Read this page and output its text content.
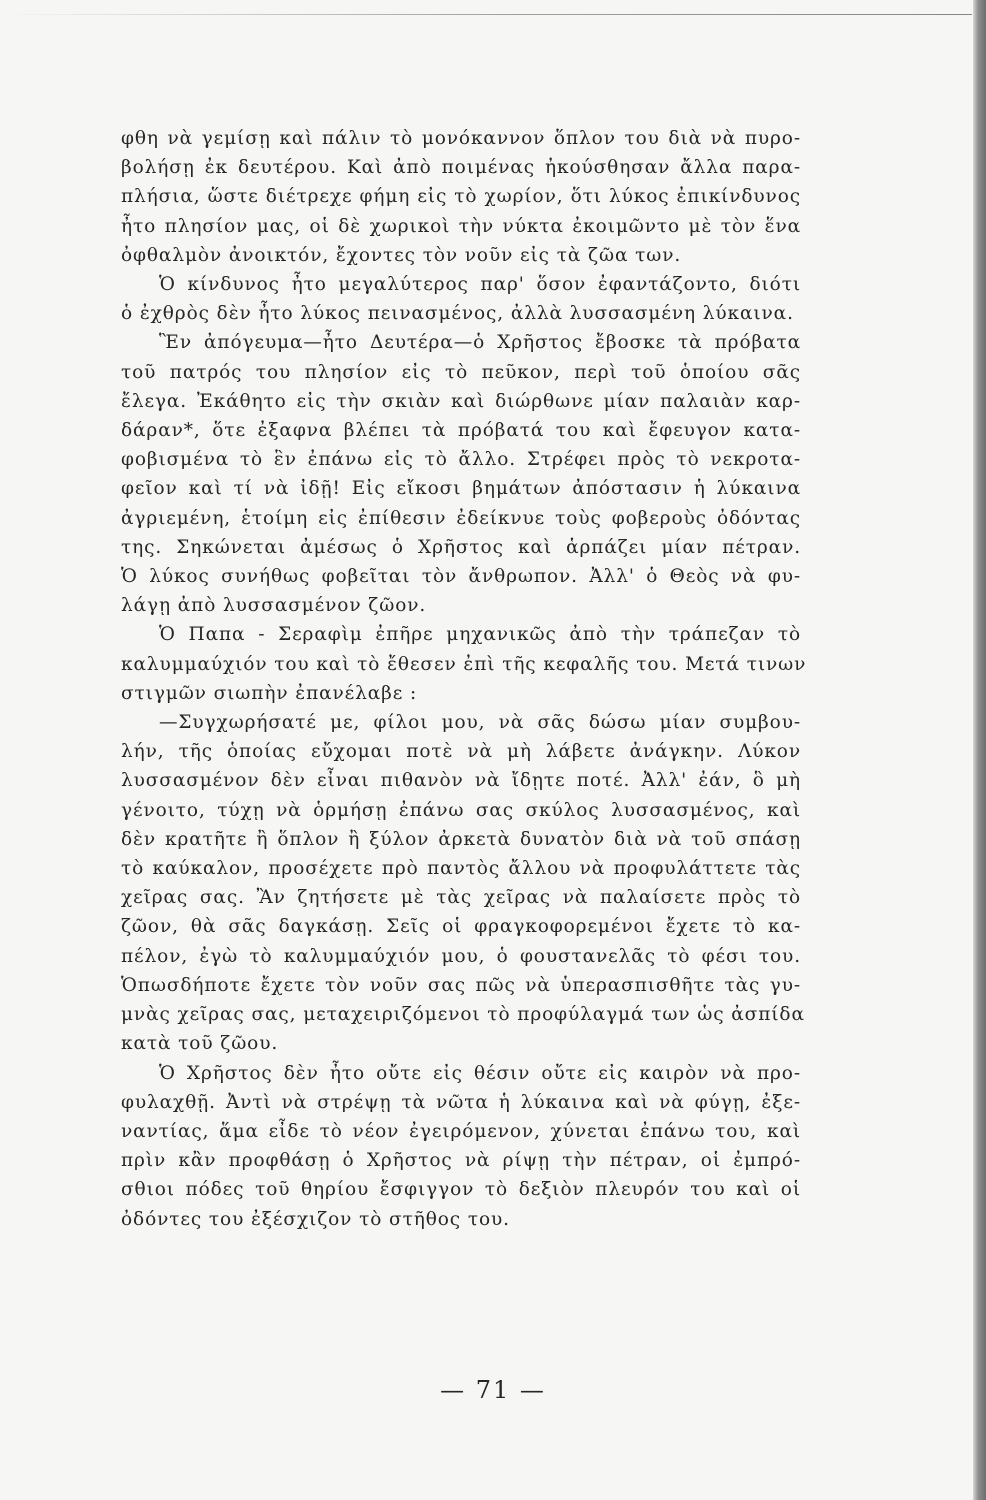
φθη νὰ γεμίσῃ καὶ πάλιν τὸ μονόκαννον ὅπλον του διὰ νὰ πυρο-
βολήσῃ ἐκ δευτέρου. Καὶ ἀπὸ ποιμένας ἠκούσθησαν ἄλλα παρα-
πλήσια, ὥστε διέτρεχε φήμη εἰς τὸ χωρίον, ὅτι λύκος ἐπικίνδυνος
ἦτο πλησίον μας, οἱ δὲ χωρικοὶ τὴν νύκτα ἐκοιμῶντο μὲ τὸν ἕνα
ὀφθαλμὸν ἀνοικτόν, ἔχοντες τὸν νοῦν εἰς τὰ ζῶα των.
Ὁ κίνδυνος ἦτο μεγαλύτερος παρ' ὅσον ἐφαντάζοντο, διότι
ὁ ἐχθρὸς δὲν ἦτο λύκος πεινασμένος, ἀλλὰ λυσσασμένη λύκαινα.
Ἓν ἀπόγευμα—ἦτο Δευτέρα—ὁ Χρῆστος ἔβοσκε τὰ πρόβατα
τοῦ πατρός του πλησίον εἰς τὸ πεῦκον, περὶ τοῦ ὁποίου σᾶς
ἔλεγα. Ἐκάθητο εἰς τὴν σκιὰν καὶ διώρθωνε μίαν παλαιὰν καρ-
δάραν*, ὅτε ἐξαφνα βλέπει τὰ πρόβατά του καὶ ἔφευγον κατα-
φοβισμένα τὸ ἓν ἐπάνω εἰς τὸ ἄλλο. Στρέφει πρὸς τὸ νεκροτα-
φεῖον καὶ τί νὰ ἰδῇ! Εἰς εἴκοσι βημάτων ἀπόστασιν ἡ λύκαινα
ἀγριεμένη, ἑτοίμη εἰς ἐπίθεσιν ἐδείκνυε τοὺς φοβεροὺς ὀδόντας
της. Σηκώνεται ἀμέσως ὁ Χρῆστος καὶ ἁρπάζει μίαν πέτραν.
Ὁ λύκος συνήθως φοβεῖται τὸν ἄνθρωπον. Ἀλλ' ὁ Θεὸς νὰ φυ-
λάγῃ ἀπὸ λυσσασμένον ζῶον.
Ὁ Παπα - Σεραφὶμ ἐπῆρε μηχανικῶς ἀπὸ τὴν τράπεζαν τὸ
καλυμμαύχιόν του καὶ τὸ ἔθεσεν ἐπὶ τῆς κεφαλῆς του. Μετά τινων
στιγμῶν σιωπὴν ἐπανέλαβε :
—Συγχωρήσατέ με, φίλοι μου, νὰ σᾶς δώσω μίαν συμβου-
λήν, τῆς ὁποίας εὔχομαι ποτὲ νὰ μὴ λάβετε ἀνάγκην. Λύκον
λυσσασμένον δὲν εἶναι πιθανὸν νὰ ἴδῃτε ποτέ. Ἀλλ' ἐάν, ὃ μὴ
γένοιτο, τύχῃ νὰ ὁρμήσῃ ἐπάνω σας σκύλος λυσσασμένος, καὶ
δὲν κρατῆτε ἢ ὅπλον ἢ ξύλον ἀρκετὰ δυνατὸν διὰ νὰ τοῦ σπάσῃ
τὸ καύκαλον, προσέχετε πρὸ παντὸς ἄλλου νὰ προφυλάττετε τὰς
χεῖρας σας. Ἂν ζητήσετε μὲ τὰς χεῖρας νὰ παλαίσετε πρὸς τὸ
ζῶον, θὰ σᾶς δαγκάσῃ. Σεῖς οἱ φραγκοφορεμένοι ἔχετε τὸ κα-
πέλον, ἐγὼ τὸ καλυμμαύχιόν μου, ὁ φουστανελᾶς τὸ φέσι του.
Ὁπωσδήποτε ἔχετε τὸν νοῦν σας πῶς νὰ ὑπερασπισθῆτε τὰς γυ-
μνὰς χεῖρας σας, μεταχειριζόμενοι τὸ προφύλαγμά των ὡς ἀσπίδα
κατὰ τοῦ ζῶου.
Ὁ Χρῆστος δὲν ἦτο οὔτε εἰς θέσιν οὔτε εἰς καιρὸν νὰ προ-
φυλαχθῇ. Ἀντὶ νὰ στρέψῃ τὰ νῶτα ἡ λύκαινα καὶ νὰ φύγῃ, ἐξε-
ναντίας, ἅμα εἶδε τὸ νέον ἐγειρόμενον, χύνεται ἐπάνω του, καὶ
πρὶν κἂν προφθάσῃ ὁ Χρῆστος νὰ ρίψῃ τὴν πέτραν, οἱ ἐμπρό-
σθιοι πόδες τοῦ θηρίου ἔσφιγγον τὸ δεξιὸν πλευρόν του καὶ οἱ
ὀδόντες του ἐξέσχιζον τὸ στῆθος του.
— 71 —
